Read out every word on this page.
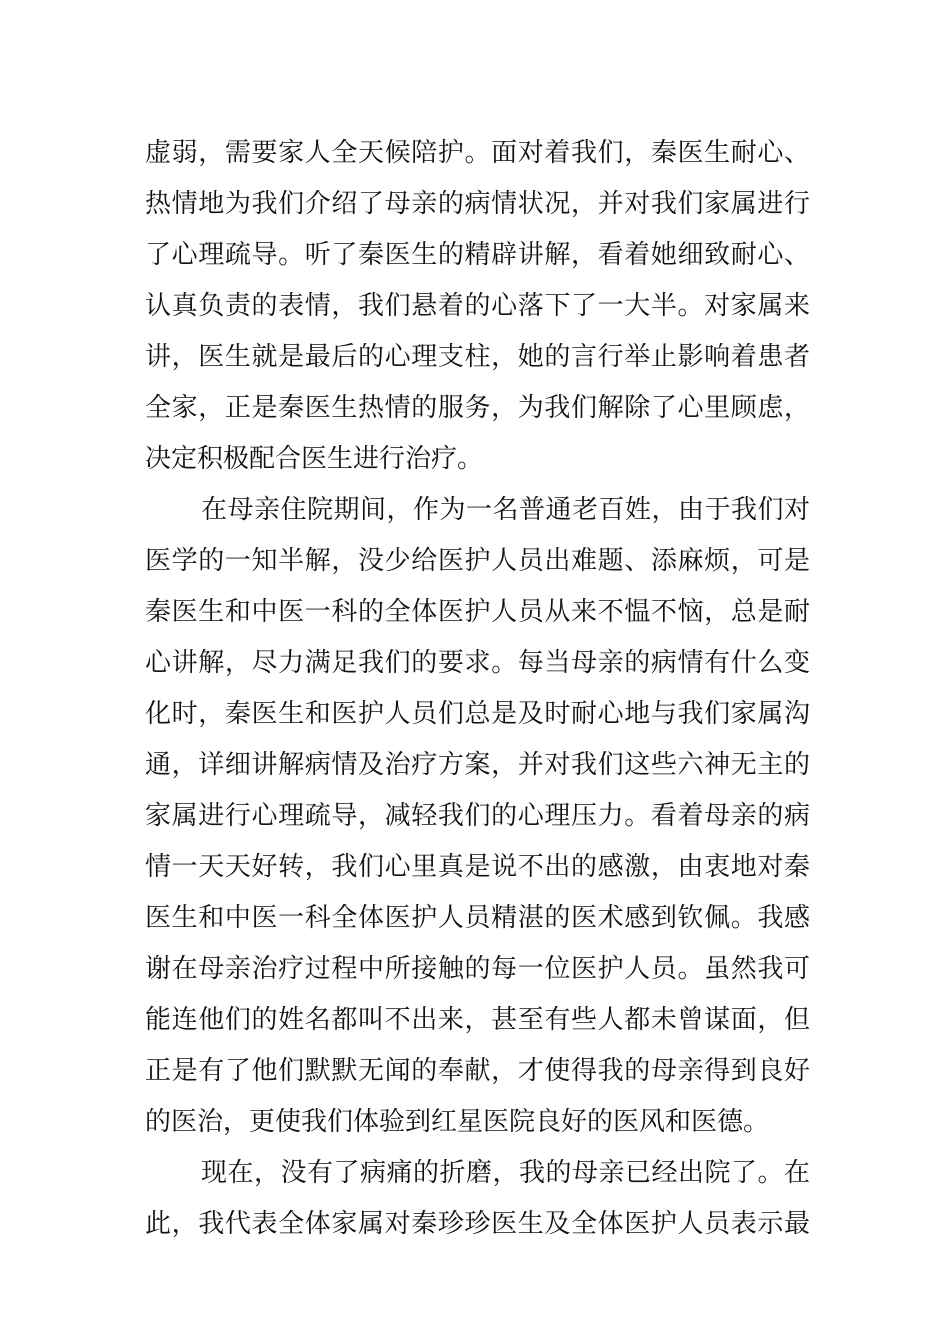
虚弱，需要家人全天候陪护。面对着我们，秦医生耐心、
热情地为我们介绍了母亲的病情状况，并对我们家属进行
了心理疏导。听了秦医生的精辟讲解，看着她细致耐心、
认真负责的表情，我们悬着的心落下了一大半。对家属来
讲，医生就是最后的心理支柱，她的言行举止影响着患者
全家，正是秦医生热情的服务，为我们解除了心里顾虑，
决定积极配合医生进行治疗。
在母亲住院期间，作为一名普通老百姓，由于我们对
医学的一知半解，没少给医护人员出难题、添麻烦，可是
秦医生和中医一科的全体医护人员从来不愠不恼，总是耐
心讲解，尽力满足我们的要求。每当母亲的病情有什么变
化时，秦医生和医护人员们总是及时耐心地与我们家属沟
通，详细讲解病情及治疗方案，并对我们这些六神无主的
家属进行心理疏导，减轻我们的心理压力。看着母亲的病
情一天天好转，我们心里真是说不出的感激，由衷地对秦
医生和中医一科全体医护人员精湛的医术感到钦佩。我感
谢在母亲治疗过程中所接触的每一位医护人员。虽然我可
能连他们的姓名都叫不出来，甚至有些人都未曾谋面，但
正是有了他们默默无闻的奉献，才使得我的母亲得到良好
的医治，更使我们体验到红星医院良好的医风和医德。
现在，没有了病痛的折磨，我的母亲已经出院了。在
此，我代表全体家属对秦珍珍医生及全体医护人员表示最
